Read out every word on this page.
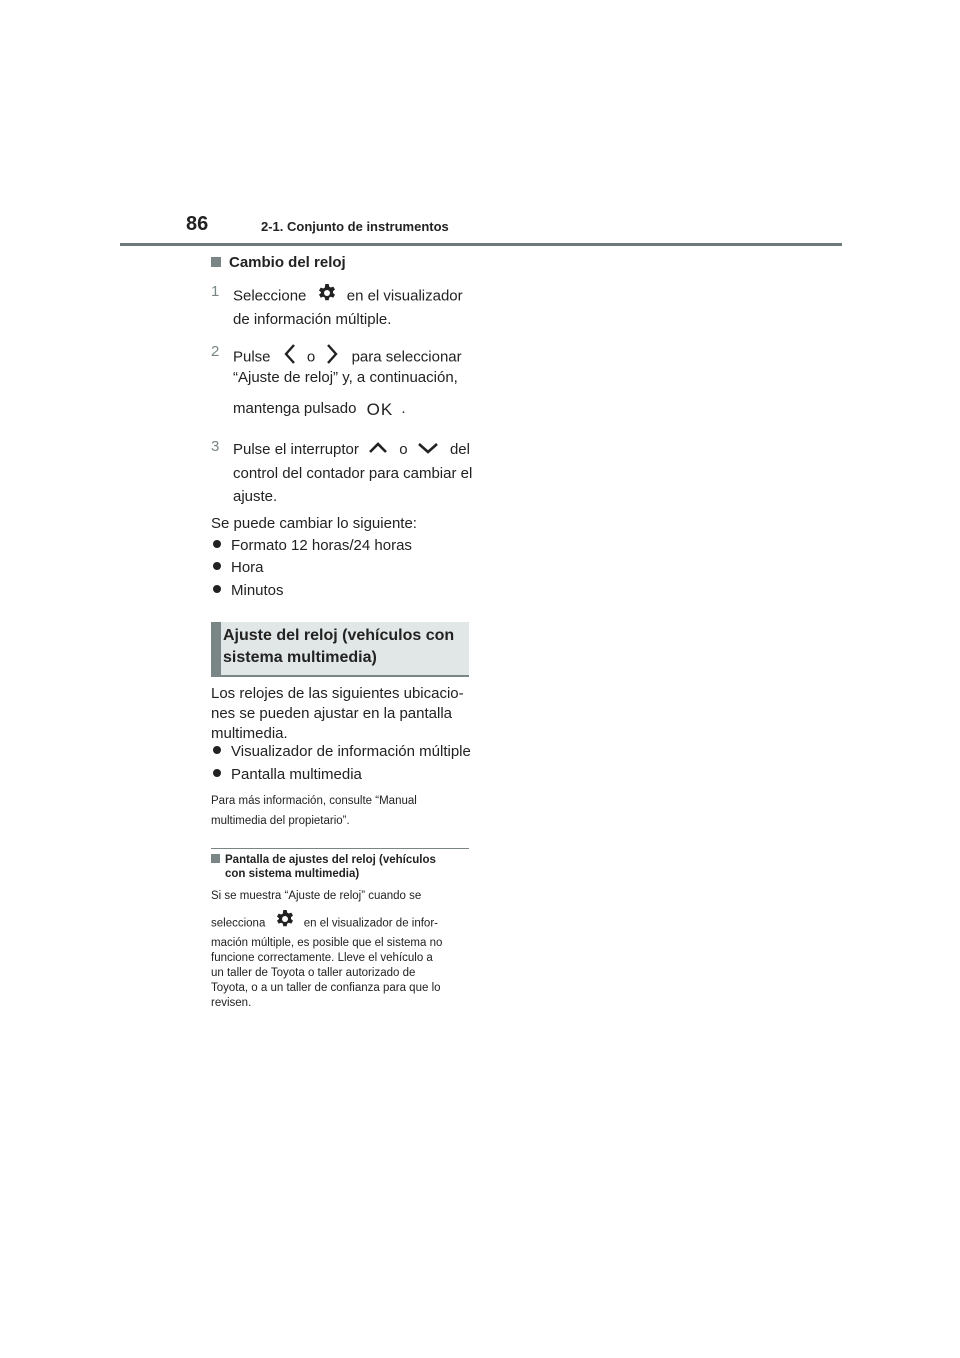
86	2-1. Conjunto de instrumentos
Cambio del reloj
1 Seleccione	en el visualizador
de información múltiple.
2 Pulse o para seleccionar
“Ajuste de reloj” y, a continuación,
mantenga pulsado OK .
3 Pulse el interruptor	o	del
control del contador para cambiar el
ajuste.
Se puede cambiar lo siguiente:
Formato 12 horas/24 horas
Hora
Minutos
Ajuste del reloj (vehículos con
sistema multimedia)
Los relojes de las siguientes ubicacio-
nes se pueden ajustar en la pantalla
multimedia.
Visualizador de información múltiple
Pantalla multimedia
Para más información, consulte “Manual
multimedia del propietario”.
Pantalla de ajustes del reloj (vehículos
con sistema multimedia)
Si se muestra “Ajuste de reloj” cuando se
selecciona	en el visualizador de infor-
mación múltiple, es posible que el sistema no
funcione correctamente. Lleve el vehículo a
un taller de Toyota o taller autorizado de
Toyota, o a un taller de confianza para que lo
revisen.
